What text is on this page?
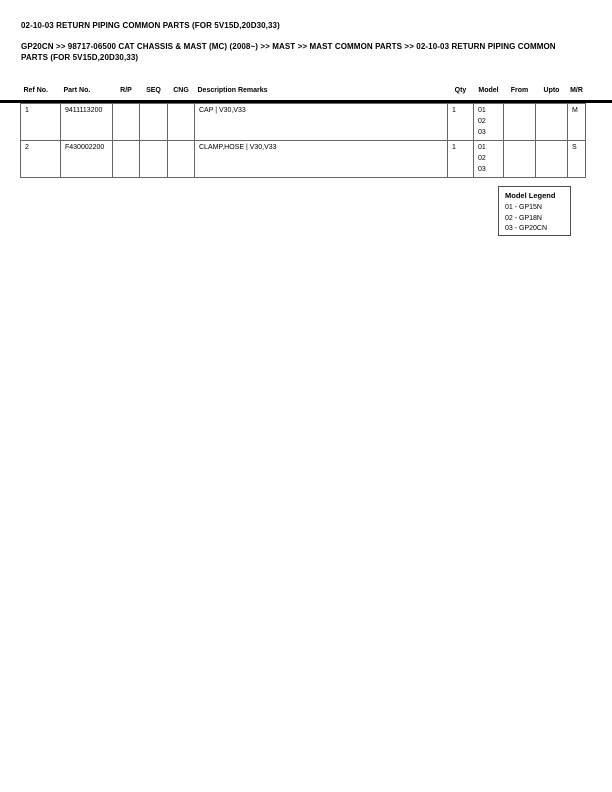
02-10-03 RETURN PIPING COMMON PARTS (FOR 5V15D,20D30,33)
GP20CN >> 98717-06500 CAT CHASSIS & MAST (MC) (2008~) >> MAST >> MAST COMMON PARTS >> 02-10-03 RETURN PIPING COMMON PARTS (FOR 5V15D,20D30,33)
Ref No.	Part No.	R/P	SEQ	CNG	Description Remarks	Qty	Model	From	Upto	M/R
1	9411113200				CAP | V30,V33	1	01
02
03			M
2	F430002200				CLAMP,HOSE | V30,V33	1	01
02
03			S
Model Legend
01 - GP15N
02 - GP18N
03 - GP20CN
